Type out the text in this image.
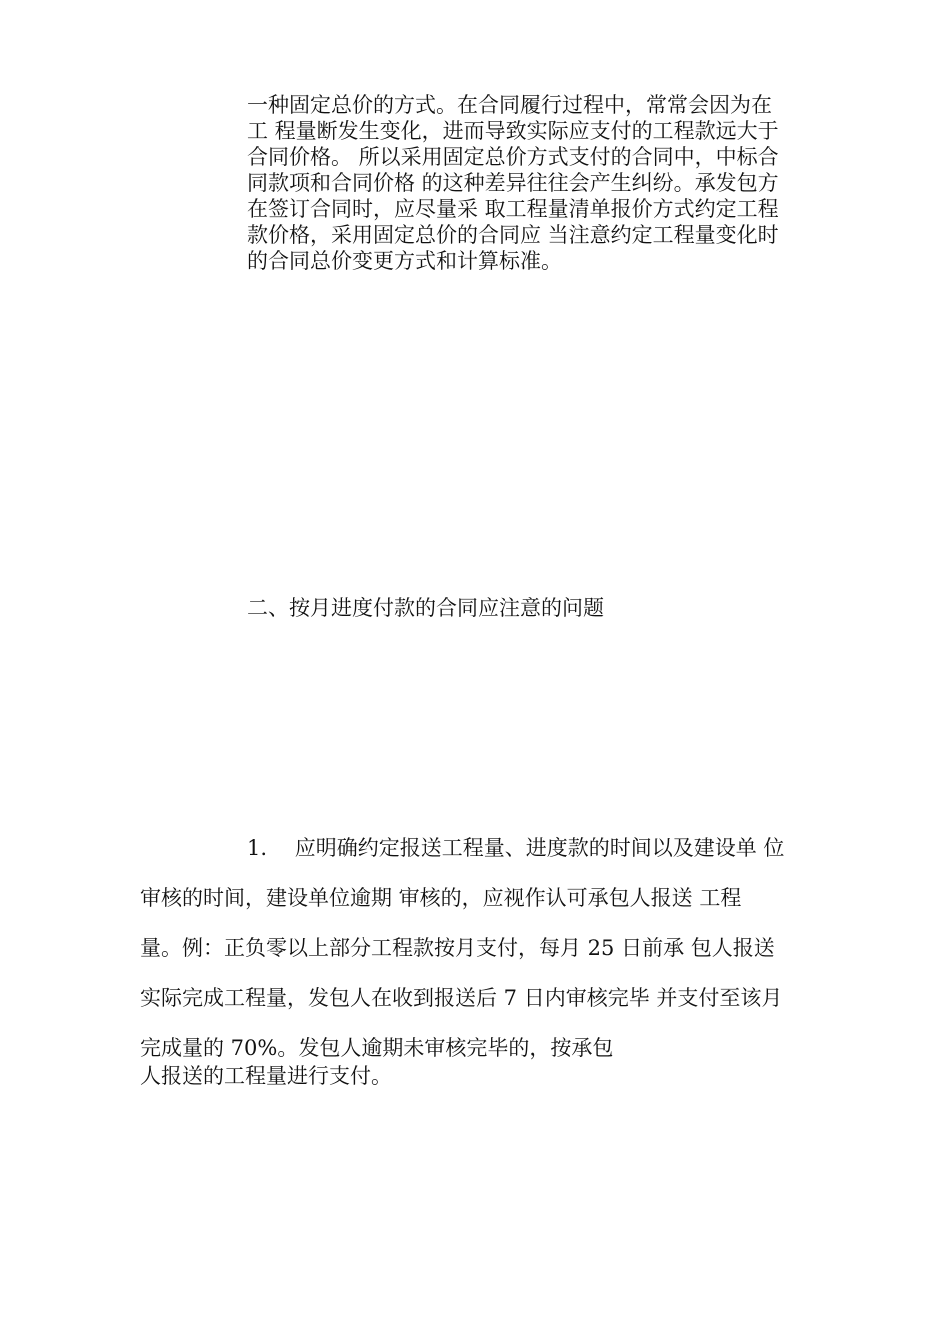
一种固定总价的方式。在合同履行过程中，常常会因为在
工 程量断发生变化，进而导致实际应支付的工程款远大于
合同价格。 所以采用固定总价方式支付的合同中，中标合
同款项和合同价格 的这种差异往往会产生纠纷。承发包方
在签订合同时，应尽量采 取工程量清单报价方式约定工程
款价格，采用固定总价的合同应 当注意约定工程量变化时
的合同总价变更方式和计算标准。
二、按月进度付款的合同应注意的问题
1.　 应明确约定报送工程量、进度款的时间以及建设单 位
审核的时间，建设单位逾期 审核的，应视作认可承包人报送 工程
量。例：正负零以上部分工程款按月支付，每月 25 日前承 包人报送
实际完成工程量，发包人在收到报送后 7 日内审核完毕 并支付至该月
完成量的 70%。发包人逾期未审核完毕的，按承包
人报送的工程量进行支付。
